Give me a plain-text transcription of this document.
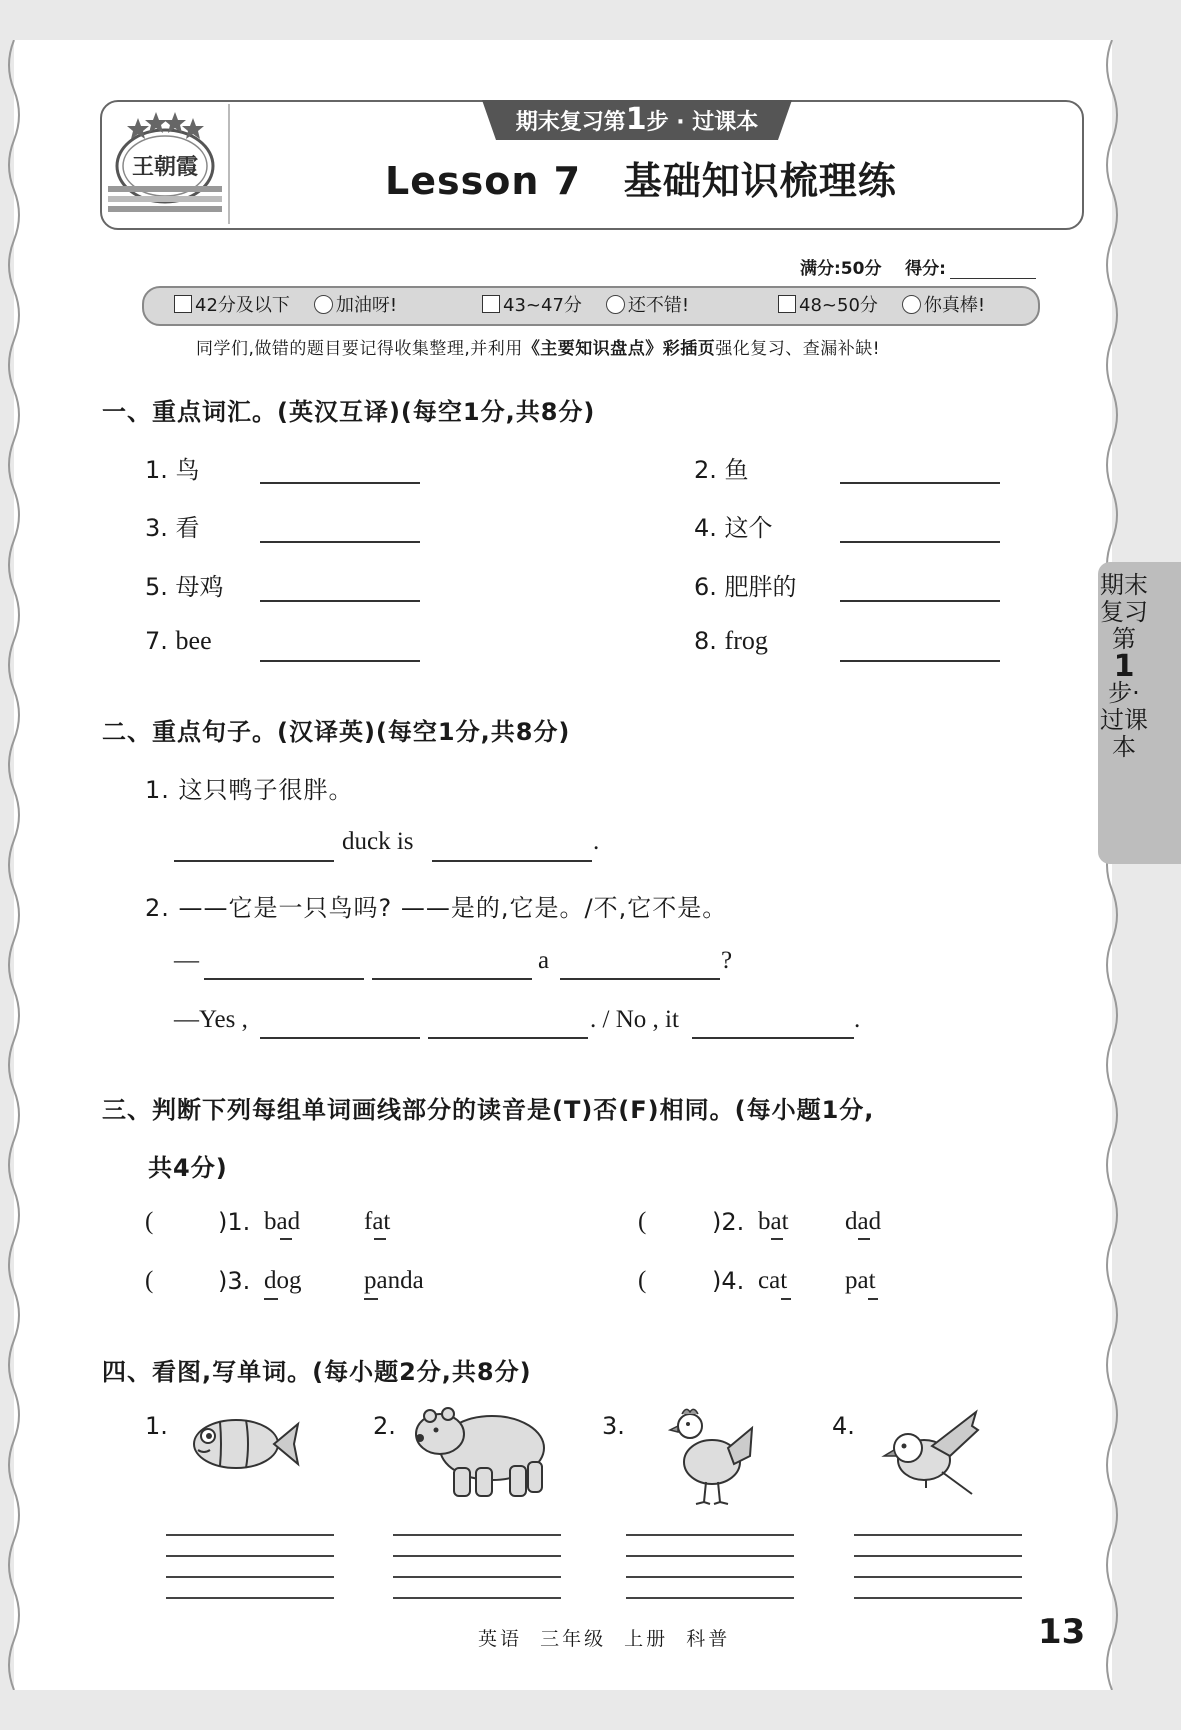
王朝霞
期末复习第1步 · 过课本
Lesson 7   基础知识梳理练
满分:50分 得分:
42分及以下	加油呀!	43~47分	还不错!	48~50分	你真棒!
同学们,做错的题目要记得收集整理,并利用《主要知识盘点》彩插页强化复习、查漏补缺!
一、重点词汇。(英汉互译)(每空1分,共8分)
1. 鸟	2. 鱼
3. 看	4. 这个
5. 母鸡	6. 肥胖的
7. bee	8. frog
二、重点句子。(汉译英)(每空1分,共8分)
1. 这只鸭子很胖。
duck is	.
2. ——它是一只鸟吗? ——是的,它是。/不,它不是。
—	a	?
—Yes ,	. / No , it	.
三、判断下列每组单词画线部分的读音是(T)否(F)相同。(每小题1分,
共4分)
(	)1. bad	fat	(	)2. bat dad
(	)3. dog	panda	(	)4. cat pat
四、看图,写单词。(每小题2分,共8分)
1.	2.	3.	4.
期末复习第
1
步·过课本
英语  三年级  上册  科普	13
